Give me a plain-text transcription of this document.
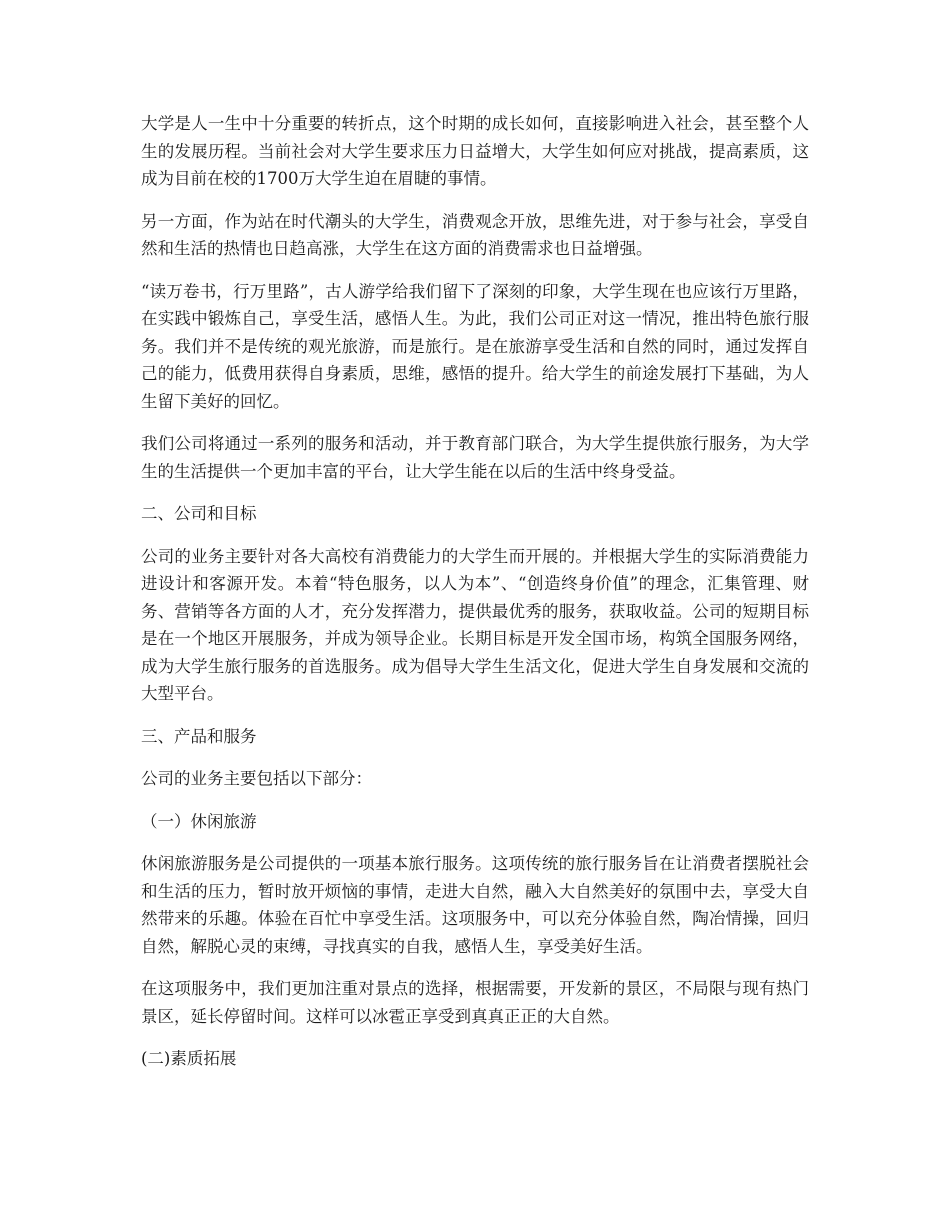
大学是人一生中十分重要的转折点，这个时期的成长如何，直接影响进入社会，甚至整个人生的发展历程。当前社会对大学生要求压力日益增大，大学生如何应对挑战，提高素质，这成为目前在校的1700万大学生迫在眉睫的事情。

另一方面，作为站在时代潮头的大学生，消费观念开放，思维先进，对于参与社会，享受自然和生活的热情也日趋高涨，大学生在这方面的消费需求也日益增强。

“读万卷书，行万里路”，古人游学给我们留下了深刻的印象，大学生现在也应该行万里路，在实践中锻炼自己，享受生活，感悟人生。为此，我们公司正对这一情况，推出特色旅行服务。我们并不是传统的观光旅游，而是旅行。是在旅游享受生活和自然的同时，通过发挥自己的能力，低费用获得自身素质，思维，感悟的提升。给大学生的前途发展打下基础，为人生留下美好的回忆。

我们公司将通过一系列的服务和活动，并于教育部门联合，为大学生提供旅行服务，为大学生的生活提供一个更加丰富的平台，让大学生能在以后的生活中终身受益。

二、公司和目标

公司的业务主要针对各大高校有消费能力的大学生而开展的。并根据大学生的实际消费能力进设计和客源开发。本着“特色服务，以人为本”、“创造终身价值”的理念，汇集管理、财务、营销等各方面的人才，充分发挥潜力，提供最优秀的服务，获取收益。公司的短期目标是在一个地区开展服务，并成为领导企业。长期目标是开发全国市场，构筑全国服务网络，成为大学生旅行服务的首选服务。成为倡导大学生生活文化，促进大学生自身发展和交流的大型平台。

三、产品和服务

公司的业务主要包括以下部分：

（一）休闲旅游

休闲旅游服务是公司提供的一项基本旅行服务。这项传统的旅行服务旨在让消费者摆脱社会和生活的压力，暂时放开烦恼的事情，走进大自然，融入大自然美好的氛围中去，享受大自然带来的乐趣。体验在百忙中享受生活。这项服务中，可以充分体验自然，陶冶情操，回归自然，解脱心灵的束缚，寻找真实的自我，感悟人生，享受美好生活。

在这项服务中，我们更加注重对景点的选择，根据需要，开发新的景区，不局限与现有热门景区，延长停留时间。这样可以冰雹正享受到真真正正的大自然。

(二)素质拓展
